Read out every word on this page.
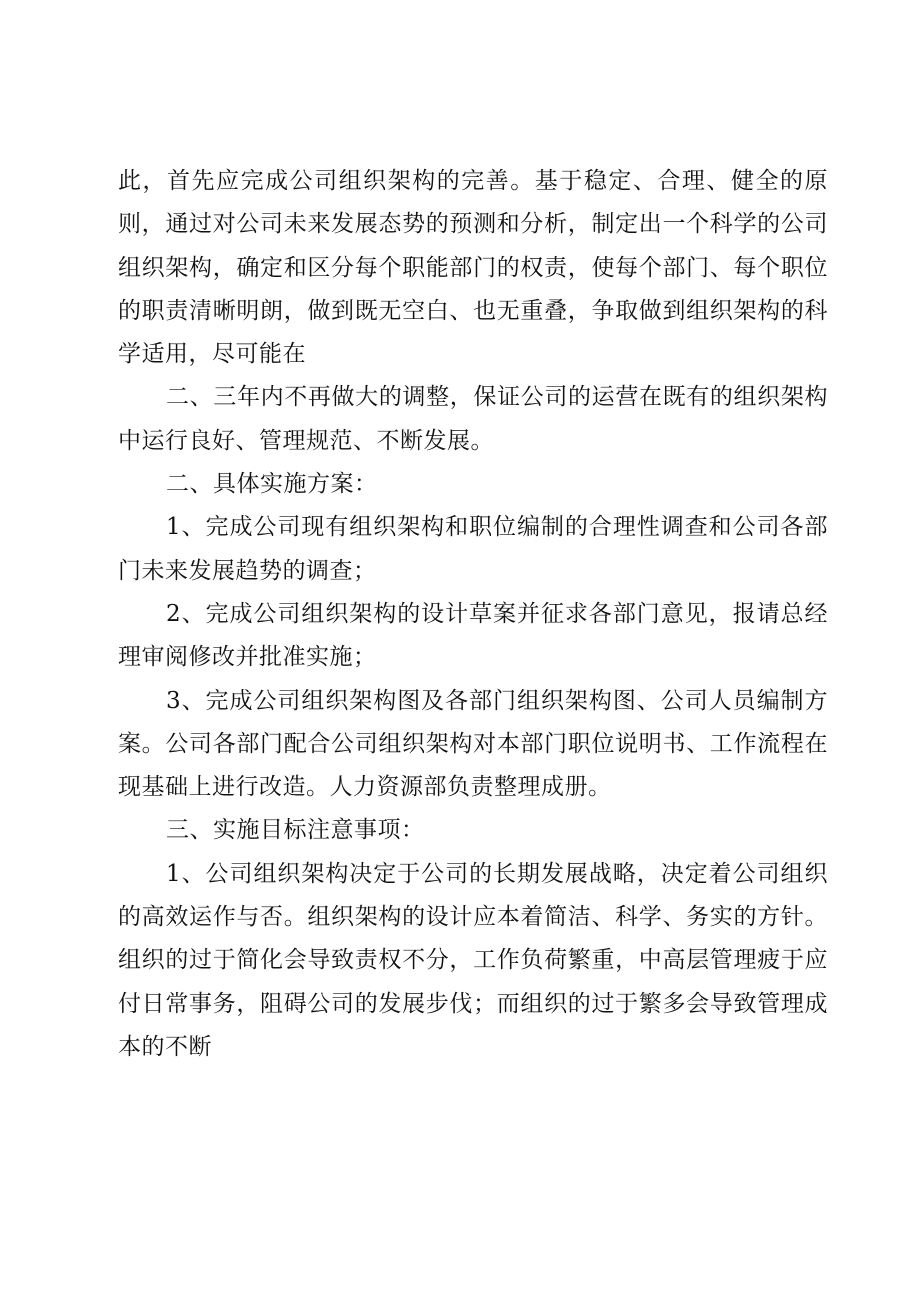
此，首先应完成公司组织架构的完善。基于稳定、合理、健全的原则，通过对公司未来发展态势的预测和分析，制定出一个科学的公司组织架构，确定和区分每个职能部门的权责，使每个部门、每个职位的职责清晰明朗，做到既无空白、也无重叠，争取做到组织架构的科学适用，尽可能在

二、三年内不再做大的调整，保证公司的运营在既有的组织架构中运行良好、管理规范、不断发展。

二、具体实施方案：

1、完成公司现有组织架构和职位编制的合理性调查和公司各部门未来发展趋势的调查；

2、完成公司组织架构的设计草案并征求各部门意见，报请总经理审阅修改并批准实施；

3、完成公司组织架构图及各部门组织架构图、公司人员编制方案。公司各部门配合公司组织架构对本部门职位说明书、工作流程在现基础上进行改造。人力资源部负责整理成册。

三、实施目标注意事项：

1、公司组织架构决定于公司的长期发展战略，决定着公司组织的高效运作与否。组织架构的设计应本着简洁、科学、务实的方针。组织的过于简化会导致责权不分，工作负荷繁重，中高层管理疲于应付日常事务，阻碍公司的发展步伐；而组织的过于繁多会导致管理成本的不断
